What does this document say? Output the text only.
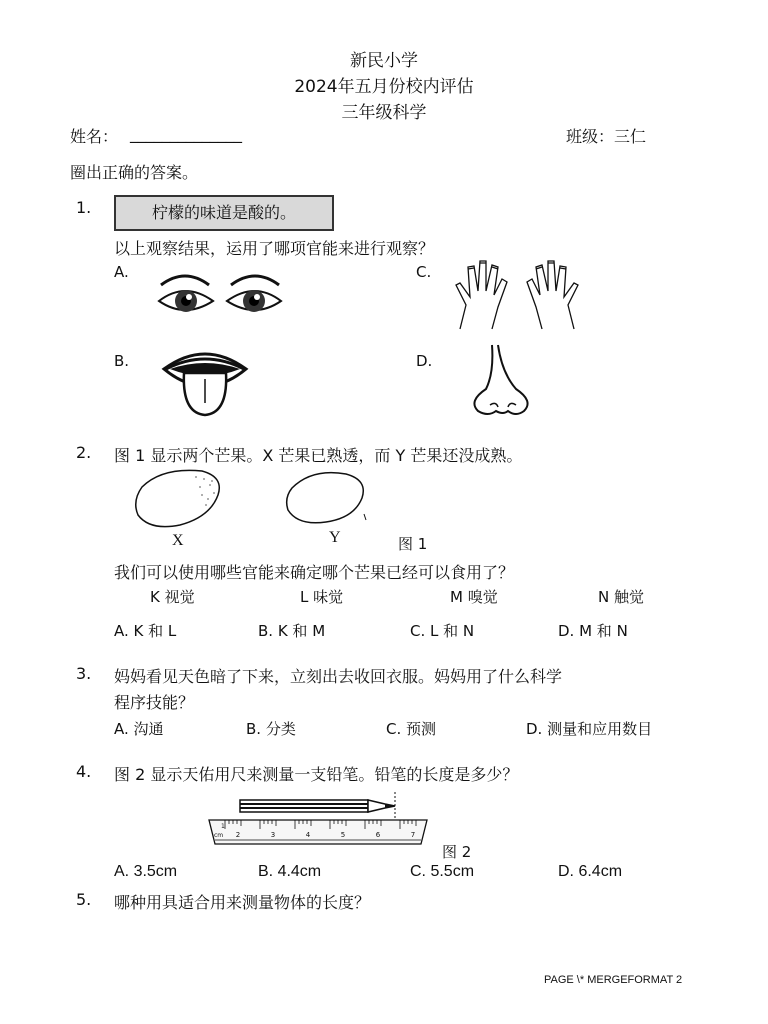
新民小学
2024年五月份校内评估
三年级科学
姓名： ______________	班级：三仁
圈出正确的答案。
1.	柠檬的味道是酸的。
以上观察结果，运用了哪项官能来进行观察？
A.	C.
B.	D.
2. 图 1 显示两个芒果。X 芒果已熟透，而 Y 芒果还没成熟。
X	Y	图 1
我们可以使用哪些官能来确定哪个芒果已经可以食用了？
K 视觉	L 味觉	M 嗅觉	N 触觉
A. K 和 L	B. K 和 M	C. L 和 N	D. M 和 N
3. 妈妈看见天色暗了下来，立刻出去收回衣服。妈妈用了什么科学
程序技能？
A. 沟通	B. 分类	C. 预测	D. 测量和应用数目
4. 图 2 显示天佑用尺来测量一支铅笔。铅笔的长度是多少？
cm 2	3	4	5	6	7
1
图 2
A. 3.5cm	B. 4.4cm	C. 5.5cm	D. 6.4cm
5. 哪种用具适合用来测量物体的长度？
PAGE \* MERGEFORMAT 2
